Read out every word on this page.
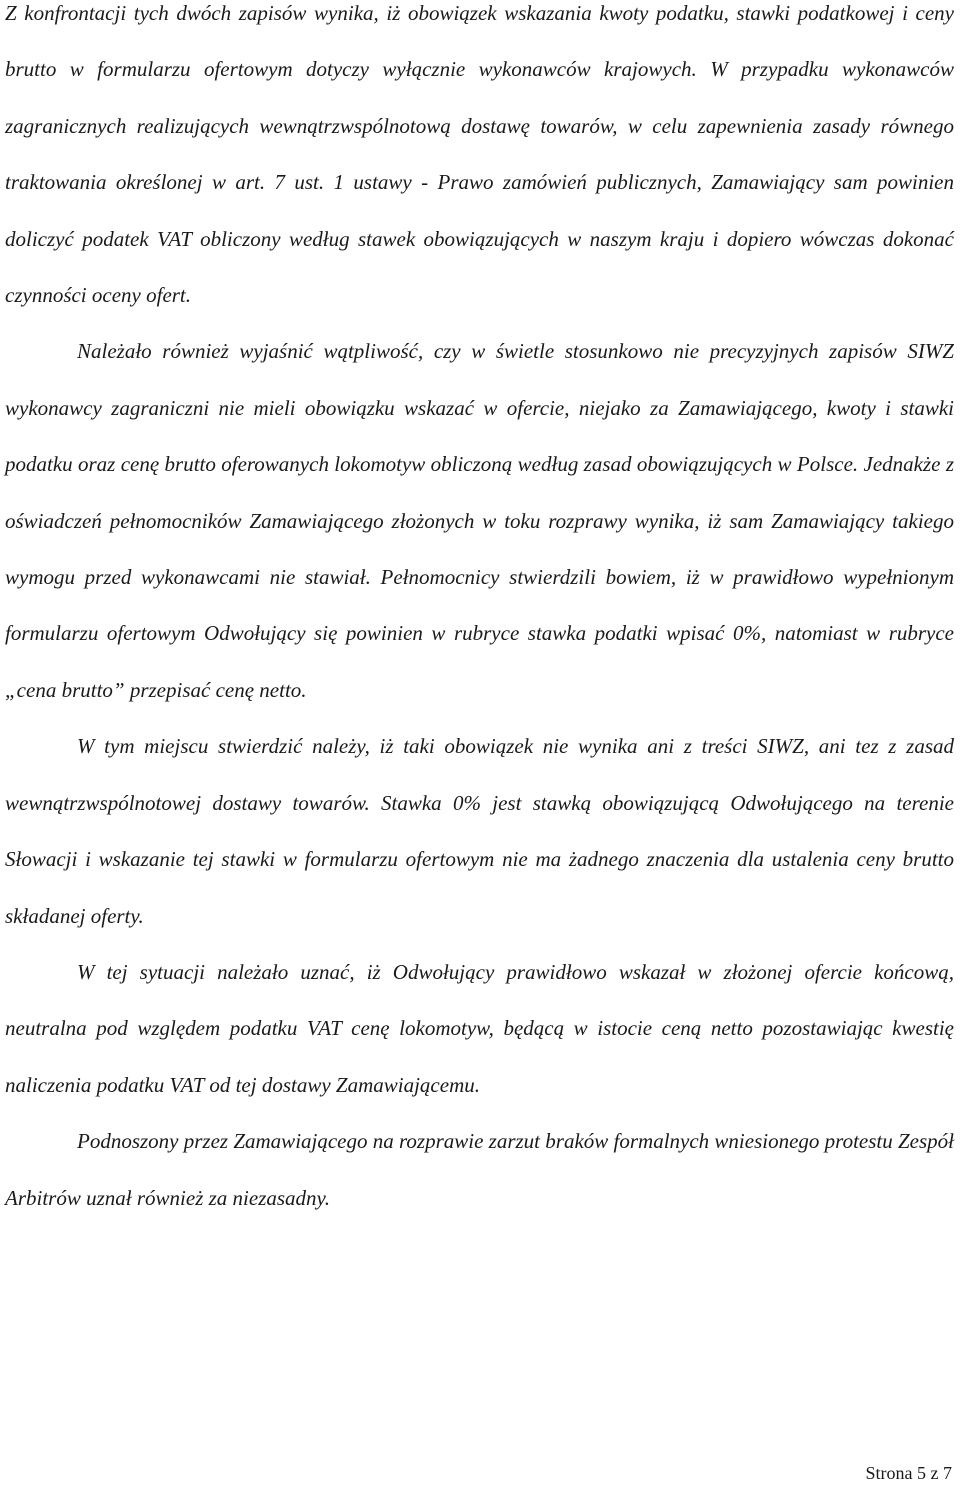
Z konfrontacji tych dwóch zapisów wynika, iż obowiązek wskazania kwoty podatku, stawki podatkowej i ceny brutto w formularzu ofertowym dotyczy wyłącznie wykonawców krajowych. W przypadku wykonawców zagranicznych realizujących wewnątrzwspólnotową dostawę towarów, w celu zapewnienia zasady równego traktowania określonej w art. 7 ust. 1 ustawy - Prawo zamówień publicznych, Zamawiający sam powinien doliczyć podatek VAT obliczony według stawek obowiązujących w naszym kraju i dopiero wówczas dokonać czynności oceny ofert.

Należało również wyjaśnić wątpliwość, czy w świetle stosunkowo nie precyzyjnych zapisów SIWZ wykonawcy zagraniczni nie mieli obowiązku wskazać w ofercie, niejako za Zamawiającego, kwoty i stawki podatku oraz cenę brutto oferowanych lokomotyw obliczoną według zasad obowiązujących w Polsce. Jednakże z oświadczeń pełnomocników Zamawiającego złożonych w toku rozprawy wynika, iż sam Zamawiający takiego wymogu przed wykonawcami nie stawiał. Pełnomocnicy stwierdzili bowiem, iż w prawidłowo wypełnionym formularzu ofertowym Odwołujący się powinien w rubryce stawka podatki wpisać 0%, natomiast w rubryce „cena brutto” przepisać cenę netto.

W tym miejscu stwierdzić należy, iż taki obowiązek nie wynika ani z treści SIWZ, ani tez z zasad wewnątrzwspólnotowej dostawy towarów. Stawka 0% jest stawką obowiązującą Odwołującego na terenie Słowacji i wskazanie tej stawki w formularzu ofertowym nie ma żadnego znaczenia dla ustalenia ceny brutto składanej oferty.

W tej sytuacji należało uznać, iż Odwołujący prawidłowo wskazał w złożonej ofercie końcową, neutralna pod względem podatku VAT cenę lokomotyw, będącą w istocie ceną netto pozostawiając kwestię naliczenia podatku VAT od tej dostawy Zamawiającemu.

Podnoszony przez Zamawiającego na rozprawie zarzut braków formalnych wniesionego protestu Zespół Arbitrów uznał również za niezasadny.

Strona 5 z 7
